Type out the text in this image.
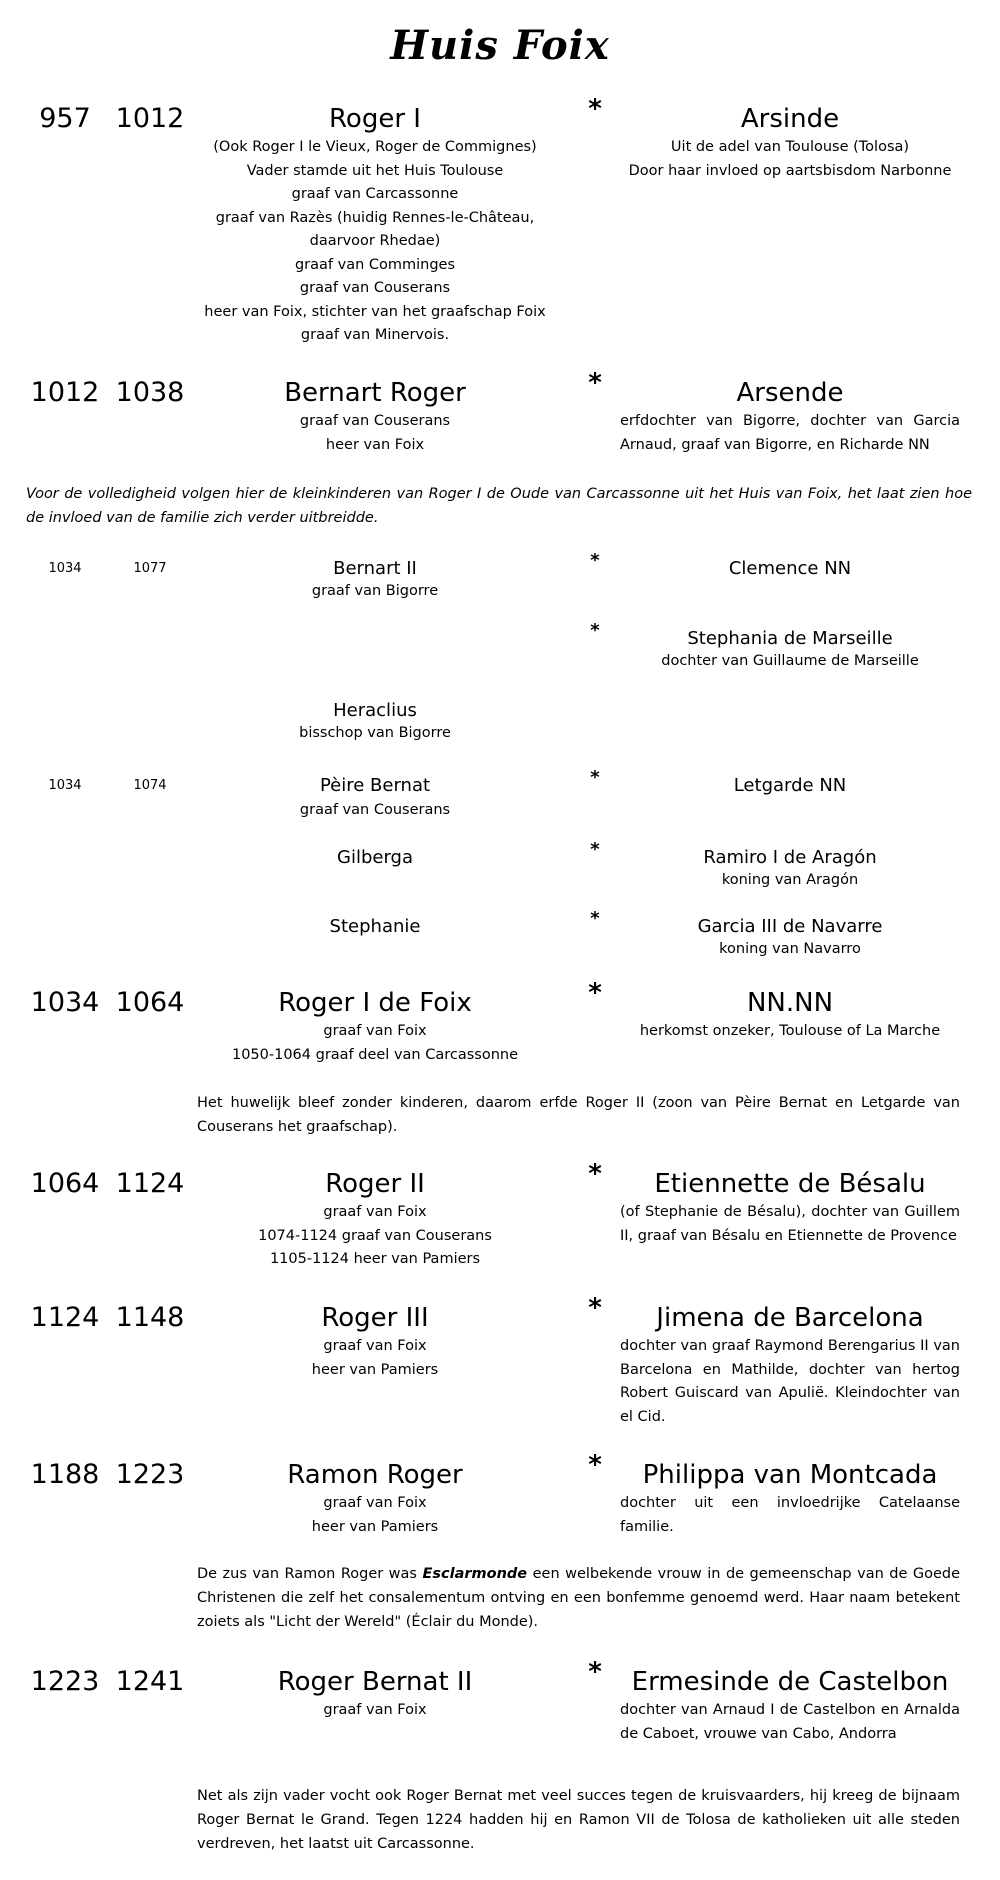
Huis Foix
957 1012	Roger I
(Ook Roger I le Vieux, Roger de Commignes)
Vader stamde uit het Huis Toulouse
graaf van Carcassonne
graaf van Razès (huidig Rennes-le-Château,
daarvoor Rhedae)
graaf van Comminges
graaf van Couserans
heer van Foix, stichter van het graafschap Foix
graaf van Minervois.
*	Arsinde
Uit de adel van Toulouse (Tolosa)
Door haar invloed op aartsbisdom Narbonne
1012 1038	Bernart Roger
graaf van Couserans
heer van Foix
*	Arsende
erfdochter van Bigorre, dochter van Garcia Arnaud, graaf van Bigorre, en Richarde NN
Voor de volledigheid volgen hier de kleinkinderen van Roger I de Oude van Carcassonne uit het Huis van Foix, het laat zien hoe de invloed van de familie zich verder uitbreidde.
1034	1077	Bernart II
graaf van Bigorre
*	Clemence NN
*	Stephania de Marseille
dochter van Guillaume de Marseille
Heraclius
bisschop van Bigorre
1034	1074	Pèire Bernat
graaf van Couserans
*	Letgarde NN
Gilberga	*	Ramiro I de Aragón
koning van Aragón
Stephanie	*	Garcia III de Navarre
koning van Navarro
1034 1064	Roger I de Foix
graaf van Foix
1050-1064 graaf deel van Carcassonne
*	NN.NN
herkomst onzeker, Toulouse of La Marche
Het huwelijk bleef zonder kinderen, daarom erfde Roger II (zoon van Pèire Bernat en Letgarde van Couserans het graafschap).
1064 1124	Roger II
graaf van Foix
1074-1124 graaf van Couserans
1105-1124 heer van Pamiers
*	Etiennette de Bésalu
(of Stephanie de Bésalu), dochter van Guillem II, graaf van Bésalu en Etiennette de Provence
1124 1148	Roger III
graaf van Foix
heer van Pamiers
*	Jimena de Barcelona
dochter van graaf Raymond Berengarius II van Barcelona en Mathilde, dochter van hertog Robert Guiscard van Apulië. Kleindochter van el Cid.
1188 1223	Ramon Roger
graaf van Foix
heer van Pamiers
*	Philippa van Montcada
dochter uit een invloedrijke Catelaanse familie.
De zus van Ramon Roger was Esclarmonde een welbekende vrouw in de gemeenschap van de Goede Christenen die zelf het consalementum ontving en een bonfemme genoemd werd. Haar naam betekent zoiets als "Licht der Wereld" (Éclair du Monde).
1223 1241	Roger Bernat II
graaf van Foix
*	Ermesinde de Castelbon
dochter van Arnaud I de Castelbon en Arnalda de Caboet, vrouwe van Cabo, Andorra
Net als zijn vader vocht ook Roger Bernat met veel succes tegen de kruisvaarders, hij kreeg de bijnaam Roger Bernat le Grand. Tegen 1224 hadden hij en Ramon VII de Tolosa de katholieken uit alle steden verdreven, het laatst uit Carcassonne.
